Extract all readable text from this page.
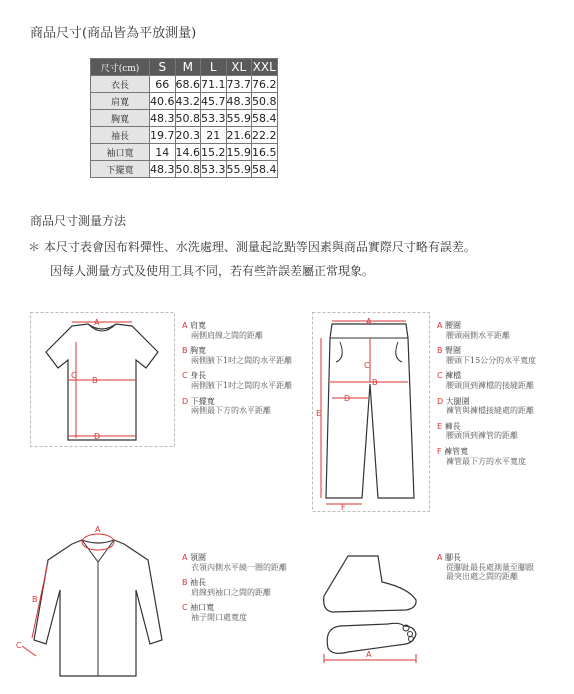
商品尺寸(商品皆為平放測量)
尺寸(cm)	S	M	L	XL	XXL
衣長	66	68.6	71.1	73.7	76.2
肩寬	40.6	43.2	45.7	48.3	50.8
胸寬	48.3	50.8	53.3	55.9	58.4
袖長	19.7	20.3	21	21.6	22.2
袖口寬	14	14.6	15.2	15.9	16.5
下擺寬	48.3	50.8	53.3	55.9	58.4
商品尺寸測量方法
＊ 本尺寸表會因布料彈性、水洗處理、測量起訖點等因素與商品實際尺寸略有誤差。
因每人測量方式及使用工具不同，若有些許誤差屬正常現象。
A
B
C
D
A 肩寬
兩側肩線之間的距離
B 胸寬
兩側腋下1吋之間的水平距離
C 身長
兩側腋下1吋之間的水平距離
D 下擺寬
兩側最下方的水平距離
A
B
C
D
E
F
A 腰圍
腰頭兩側水平距離
B 臀圍
腰頭下15公分的水平寬度
C 褲檔
腰頭頂到褲檔的接縫距離
D 大腿圍
褲管與褲檔接縫處的距離
E 褲長
腰頭頂到褲管的距離
F 褲管寬
褲管最下方的水平寬度
A
B
C
A 領圍
衣領內側水平繞一圈的距離
B 袖長
肩線到袖口之間的距離
C 袖口寬
袖子開口處寬度
A
A 腳長
從腳趾最長處測量至腳跟
最突出處之間的距離
